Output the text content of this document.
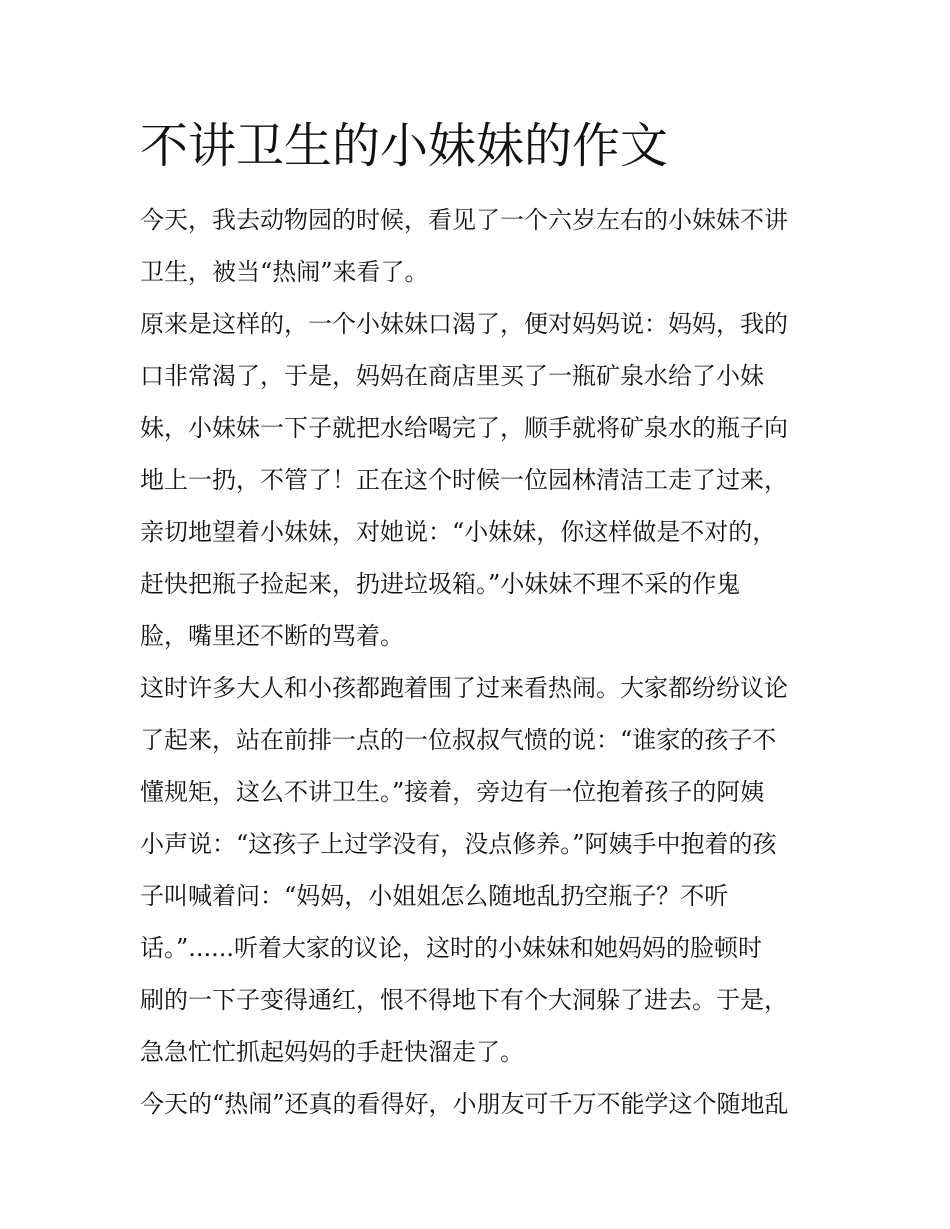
不讲卫生的小妹妹的作文

今天，我去动物园的时候，看见了一个六岁左右的小妹妹不讲

卫生，被当“热闹”来看了。

原来是这样的，一个小妹妹口渴了，便对妈妈说：妈妈，我的

口非常渴了，于是，妈妈在商店里买了一瓶矿泉水给了小妹

妹，小妹妹一下子就把水给喝完了，顺手就将矿泉水的瓶子向

地上一扔，不管了！正在这个时候一位园林清洁工走了过来，

亲切地望着小妹妹，对她说：“小妹妹，你这样做是不对的，

赶快把瓶子捡起来，扔进垃圾箱。”小妹妹不理不采的作鬼

脸，嘴里还不断的骂着。

这时许多大人和小孩都跑着围了过来看热闹。大家都纷纷议论

了起来，站在前排一点的一位叔叔气愤的说：“谁家的孩子不

懂规矩，这么不讲卫生。”接着，旁边有一位抱着孩子的阿姨

小声说：“这孩子上过学没有，没点修养。”阿姨手中抱着的孩

子叫喊着问：“妈妈，小姐姐怎么随地乱扔空瓶子？不听

话。”......听着大家的议论，这时的小妹妹和她妈妈的脸顿时

刷的一下子变得通红，恨不得地下有个大洞躲了进去。于是，

急急忙忙抓起妈妈的手赶快溜走了。

今天的“热闹”还真的看得好，小朋友可千万不能学这个随地乱
